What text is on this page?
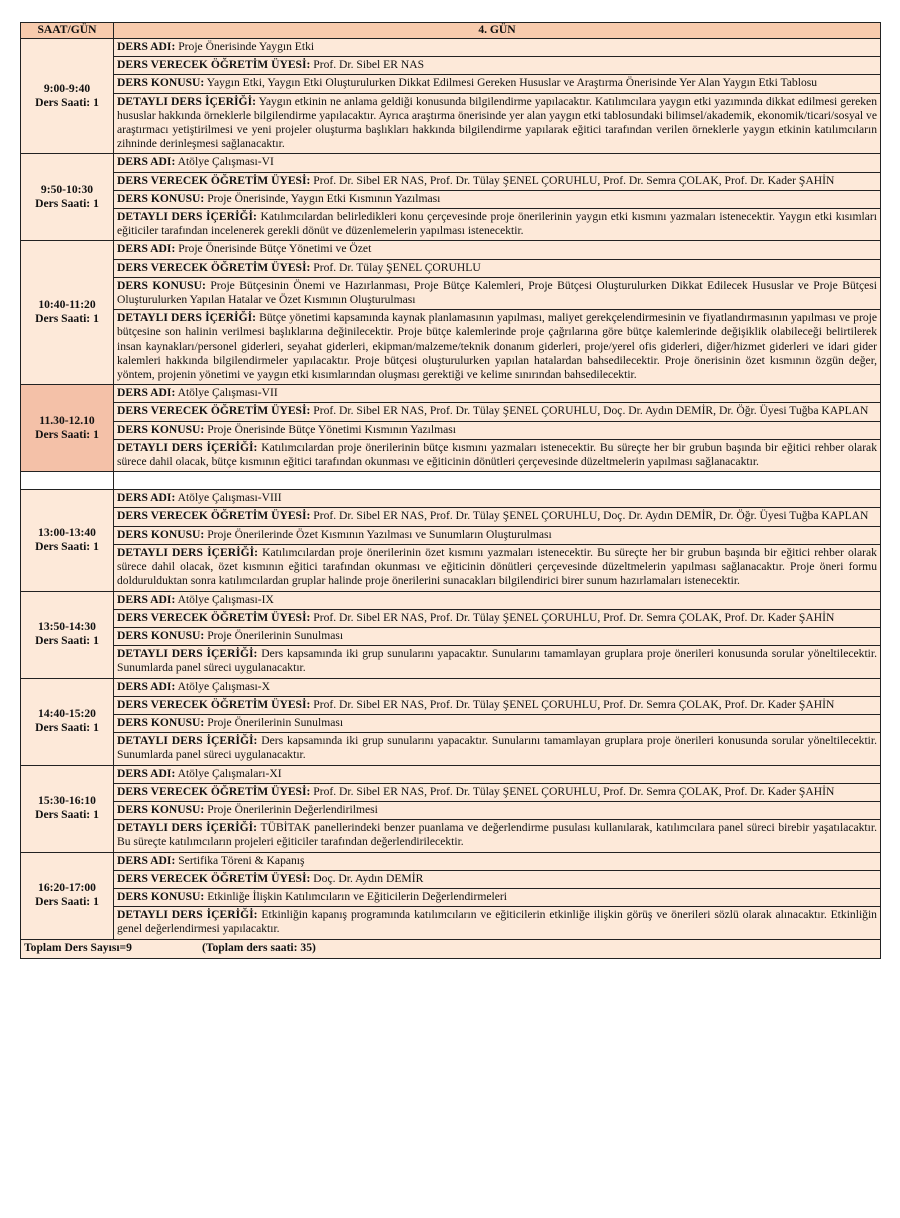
SAAT/GÜN	4. GÜN

9:00-9:40
Ders Saati: 1	DERS ADI: Proje Önerisinde Yaygın Etki
	DERS VERECEK ÖĞRETİM ÜYESİ: Prof. Dr. Sibel ER NAS
	DERS KONUSU: Yaygın Etki, Yaygın Etki Oluşturulurken Dikkat Edilmesi Gereken Hususlar ve Araştırma Önerisinde Yer Alan Yaygın Etki Tablosu
	DETAYLI DERS İÇERİĞİ: Yaygın etkinin ne anlama geldiği konusunda bilgilendirme yapılacaktır. Katılımcılara yaygın etki yazımında dikkat edilmesi gereken hususlar hakkında örneklerle bilgilendirme yapılacaktır. Ayrıca araştırma önerisinde yer alan yaygın etki tablosundaki bilimsel/akademik, ekonomik/ticari/sosyal ve araştırmacı yetiştirilmesi ve yeni projeler oluşturma başlıkları hakkında bilgilendirme yapılarak eğitici tarafından verilen örneklerle yaygın etkinin katılımcıların zihninde derinleşmesi sağlanacaktır.

9:50-10:30
Ders Saati: 1	DERS ADI: Atölye Çalışması-VI
	DERS VERECEK ÖĞRETİM ÜYESİ: Prof. Dr. Sibel ER NAS, Prof. Dr. Tülay ŞENEL ÇORUHLU, Prof. Dr. Semra ÇOLAK, Prof. Dr. Kader ŞAHİN
	DERS KONUSU: Proje Önerisinde, Yaygın Etki Kısmının Yazılması
	DETAYLI DERS İÇERİĞİ: Katılımcılardan belirledikleri konu çerçevesinde proje önerilerinin yaygın etki kısmını yazmaları istenecektir. Yaygın etki kısımları eğiticiler tarafından incelenerek gerekli dönüt ve düzenlemelerin yapılması istenecektir.

10:40-11:20
Ders Saati: 1	DERS ADI: Proje Önerisinde Bütçe Yönetimi ve Özet
	DERS VERECEK ÖĞRETİM ÜYESİ: Prof. Dr. Tülay ŞENEL ÇORUHLU
	DERS KONUSU: Proje Bütçesinin Önemi ve Hazırlanması, Proje Bütçe Kalemleri, Proje Bütçesi Oluşturulurken Dikkat Edilecek Hususlar ve Proje Bütçesi Oluşturulurken Yapılan Hatalar ve Özet Kısmının Oluşturulması
	DETAYLI DERS İÇERİĞİ: Bütçe yönetimi kapsamında kaynak planlamasının yapılması, maliyet gerekçelendirmesinin ve fiyatlandırmasının yapılması ve proje bütçesine son halinin verilmesi başlıklarına değinilecektir. Proje bütçe kalemlerinde proje çağrılarına göre bütçe kalemlerinde değişiklik olabileceği belirtilerek insan kaynakları/personel giderleri, seyahat giderleri, ekipman/malzeme/teknik donanım giderleri, proje/yerel ofis giderleri, diğer/hizmet giderleri ve idari gider kalemleri hakkında bilgilendirmeler yapılacaktır. Proje bütçesi oluşturulurken yapılan hatalardan bahsedilecektir. Proje önerisinin özet kısmının özgün değer, yöntem, projenin yönetimi ve yaygın etki kısımlarından oluşması gerektiği ve kelime sınırından bahsedilecektir.

11.30-12.10
Ders Saati: 1	DERS ADI: Atölye Çalışması-VII
	DERS VERECEK ÖĞRETİM ÜYESİ: Prof. Dr. Sibel ER NAS, Prof. Dr. Tülay ŞENEL ÇORUHLU, Doç. Dr. Aydın DEMİR, Dr. Öğr. Üyesi Tuğba KAPLAN
	DERS KONUSU: Proje Önerisinde Bütçe Yönetimi Kısmının Yazılması
	DETAYLI DERS İÇERİĞİ: Katılımcılardan proje önerilerinin bütçe kısmını yazmaları istenecektir. Bu süreçte her bir grubun başında bir eğitici rehber olarak sürece dahil olacak, bütçe kısmının eğitici tarafından okunması ve eğiticinin dönütleri çerçevesinde düzeltmelerin yapılması sağlanacaktır.

13:00-13:40
Ders Saati: 1	DERS ADI: Atölye Çalışması-VIII
	DERS VERECEK ÖĞRETİM ÜYESİ: Prof. Dr. Sibel ER NAS, Prof. Dr. Tülay ŞENEL ÇORUHLU, Doç. Dr. Aydın DEMİR, Dr. Öğr. Üyesi Tuğba KAPLAN
	DERS KONUSU: Proje Önerilerinde Özet Kısmının Yazılması ve Sunumların Oluşturulması
	DETAYLI DERS İÇERİĞİ: Katılımcılardan proje önerilerinin özet kısmını yazmaları istenecektir. Bu süreçte her bir grubun başında bir eğitici rehber olarak sürece dahil olacak, özet kısmının eğitici tarafından okunması ve eğiticinin dönütleri çerçevesinde düzeltmelerin yapılması sağlanacaktır. Proje öneri formu doldurulduktan sonra katılımcılardan gruplar halinde proje önerilerini sunacakları bilgilendirici birer sunum hazırlamaları istenecektir.

13:50-14:30
Ders Saati: 1	DERS ADI: Atölye Çalışması-IX
	DERS VERECEK ÖĞRETİM ÜYESİ: Prof. Dr. Sibel ER NAS, Prof. Dr. Tülay ŞENEL ÇORUHLU, Prof. Dr. Semra ÇOLAK, Prof. Dr. Kader ŞAHİN
	DERS KONUSU: Proje Önerilerinin Sunulması
	DETAYLI DERS İÇERİĞİ: Ders kapsamında iki grup sunularını yapacaktır. Sunularını tamamlayan gruplara proje önerileri konusunda sorular yöneltilecektir. Sunumlarda panel süreci uygulanacaktır.

14:40-15:20
Ders Saati: 1	DERS ADI: Atölye Çalışması-X
	DERS VERECEK ÖĞRETİM ÜYESİ: Prof. Dr. Sibel ER NAS, Prof. Dr. Tülay ŞENEL ÇORUHLU, Prof. Dr. Semra ÇOLAK, Prof. Dr. Kader ŞAHİN
	DERS KONUSU: Proje Önerilerinin Sunulması
	DETAYLI DERS İÇERİĞİ: Ders kapsamında iki grup sunularını yapacaktır. Sunularını tamamlayan gruplara proje önerileri konusunda sorular yöneltilecektir. Sunumlarda panel süreci uygulanacaktır.

15:30-16:10
Ders Saati: 1	DERS ADI: Atölye Çalışmaları-XI
	DERS VERECEK ÖĞRETİM ÜYESİ: Prof. Dr. Sibel ER NAS, Prof. Dr. Tülay ŞENEL ÇORUHLU, Prof. Dr. Semra ÇOLAK, Prof. Dr. Kader ŞAHİN
	DERS KONUSU: Proje Önerilerinin Değerlendirilmesi
	DETAYLI DERS İÇERİĞİ: TÜBİTAK panellerindeki benzer puanlama ve değerlendirme pusulası kullanılarak, katılımcılara panel süreci birebir yaşatılacaktır. Bu süreçte katılımcıların projeleri eğiticiler tarafından değerlendirilecektir.

16:20-17:00
Ders Saati: 1	DERS ADI: Sertifika Töreni & Kapanış
	DERS VERECEK ÖĞRETİM ÜYESİ: Doç. Dr. Aydın DEMİR
	DERS KONUSU: Etkinliğe İlişkin Katılımcıların ve Eğiticilerin Değerlendirmeleri
	DETAYLI DERS İÇERİĞİ: Etkinliğin kapanış programında katılımcıların ve eğiticilerin etkinliğe ilişkin görüş ve önerileri sözlü olarak alınacaktır. Etkinliğin genel değerlendirmesi yapılacaktır.
Toplam Ders Sayısı=9 (Toplam ders saati: 35)	
